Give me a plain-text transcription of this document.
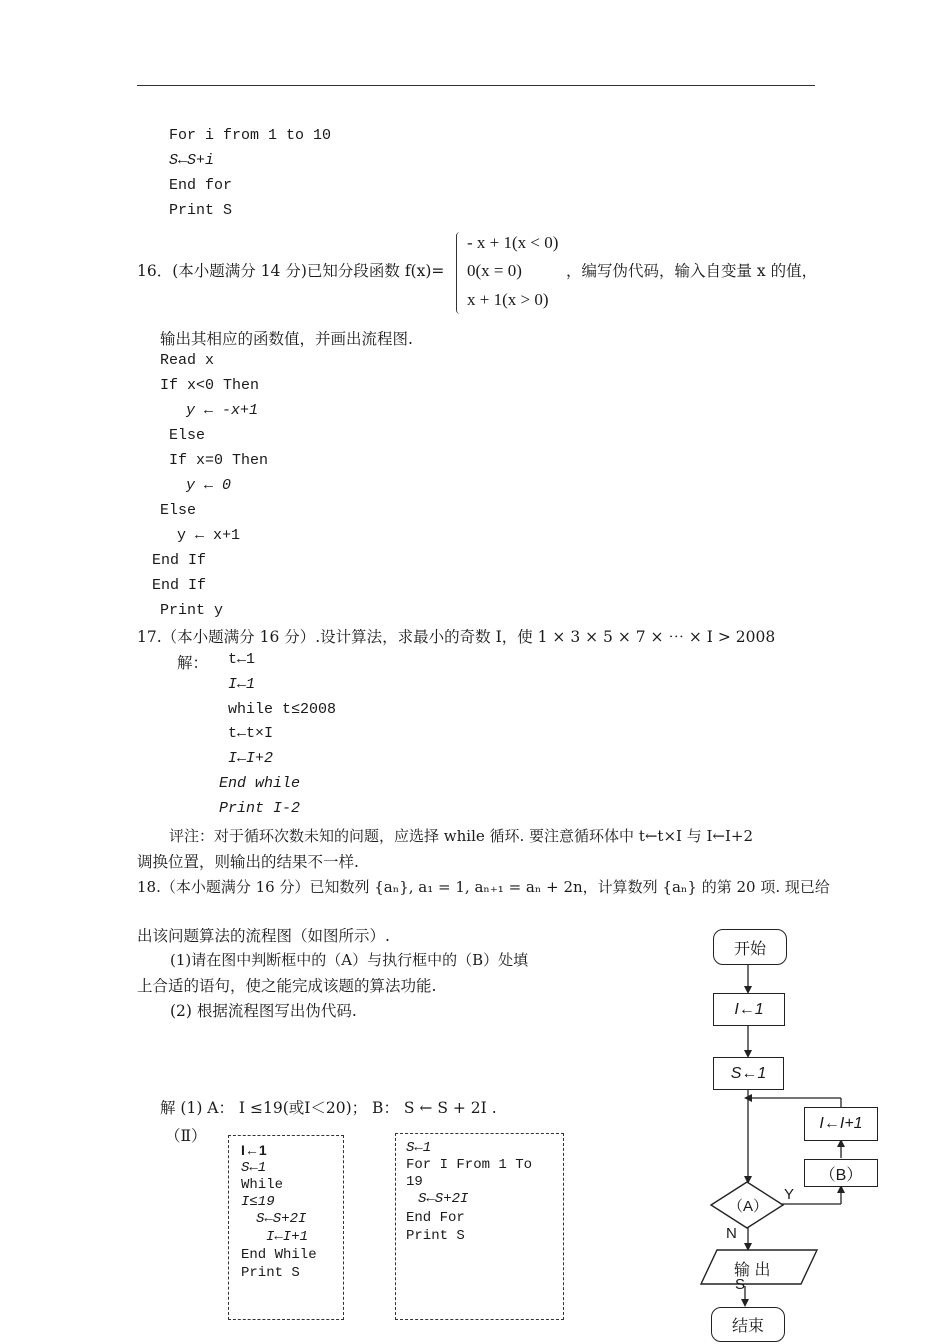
For i from 1 to 10
S←S+i
End for
Print S
16．(本小题满分 14 分)已知分段函数 f(x)=
- x + 1(x < 0)
0(x = 0)
x + 1(x > 0)
，编写伪代码，输入自变量 x 的值，
输出其相应的函数值，并画出流程图.
Read x
If x<0 Then
y ← -x+1
Else
If x=0 Then
y ← 0
Else
y ← x+1
End If
End If
Print y
17.（本小题满分 16 分）.设计算法，求最小的奇数 I，使 1 × 3 × 5 × 7 × ⋯ × I > 2008
解： t←1
I←1
while t≤2008
t←t×I
I←I+2
End while
Print I-2
评注：对于循环次数未知的问题，应选择 while 循环. 要注意循环体中 t←t×I 与 I←I+2
调换位置，则输出的结果不一样.
18.（本小题满分 16 分）已知数列 {aₙ}, a₁ = 1, aₙ₊₁ = aₙ + 2n，计算数列 {aₙ} 的第 20 项. 现已给
出该问题算法的流程图（如图所示）.
(1)请在图中判断框中的（A）与执行框中的（B）处填
上合适的语句，使之能完成该题的算法功能.
(2) 根据流程图写出伪代码.
解 (1) A： I ≤19(或I＜20)； B： S ← S + 2I .
（Ⅱ）
I←1
S←1
While
I≤19
S←S+2I
I←I+1
End While
Print S
S←1
For I From 1 To
19
S←S+2I
End For
Print S
开始
I←1
S←1
I←I+1
（B）
（A）
Y
N
输 出
S
结束
